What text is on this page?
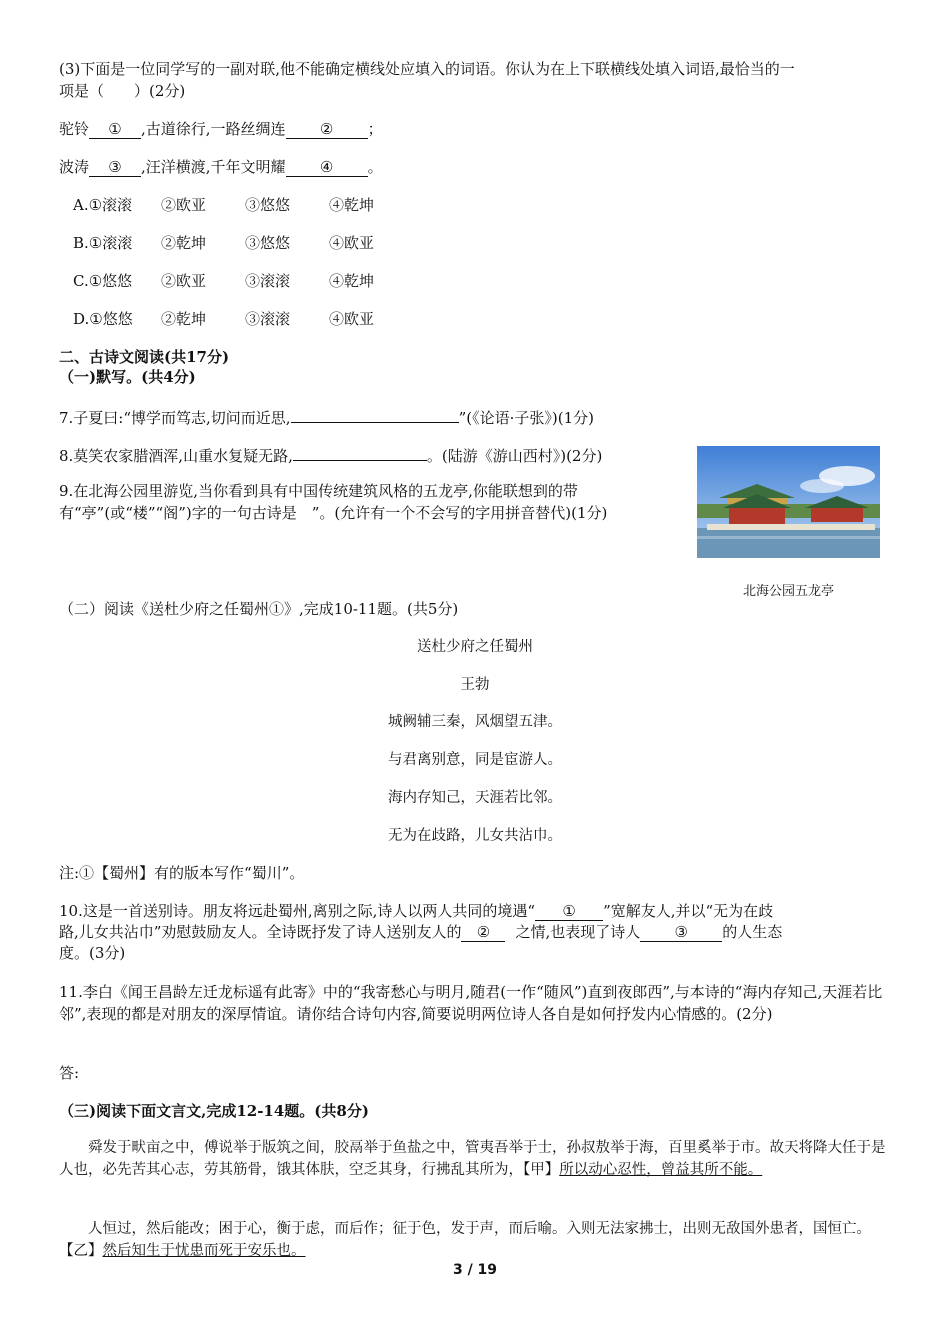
(3)下面是一位同学写的一副对联,他不能确定横线处应填入的词语。你认为在上下联横线处填入词语,最恰当的一
项是（　　）(2分)
驼铃 ① ,古道徐行,一路丝绸连 ② ；
波涛 ③ ,汪洋横渡,千年文明耀 ④ 。
A.①滚滚 ②欧亚	③悠悠	④乾坤
B.①滚滚 ②乾坤	③悠悠	④欧亚
C.①悠悠 ②欧亚	③滚滚	④乾坤
D.①悠悠 ②乾坤	③滚滚	④欧亚
二、古诗文阅读(共17分)
（一)默写。(共4分)
7.子夏曰:“博学而笃志,切问而近思,	”(《论语·子张》)(1分)
8.莫笑农家腊酒浑,山重水复疑无路,	。(陆游《游山西村》)(2分)
9.在北海公园里游览,当你看到具有中国传统建筑风格的五龙亭,你能联想到的带有“亭”(或“楼”“阁”)字的一句古诗是　”。(允许有一个不会写的字用拼音替代)(1分)
北海公园五龙亭
（二）阅读《送杜少府之任蜀州①》,完成10-11题。(共5分)
送杜少府之任蜀州
王勃
城阙辅三秦，风烟望五津。
与君离别意，同是宦游人。
海内存知己，天涯若比邻。
无为在歧路，儿女共沾巾。
注:①【蜀州】有的版本写作“蜀川”。
10.这是一首送别诗。朋友将远赴蜀州,离别之际,诗人以两人共同的境遇“ ① ”宽解友人,并以“无为在歧
路,儿女共沾巾”劝慰鼓励友人。全诗既抒发了诗人送别友人的 ② 之情,也表现了诗人 ③ 的人生态
度。(3分)
11.李白《闻王昌龄左迁龙标遥有此寄》中的“我寄愁心与明月,随君(一作“随风”)直到夜郎西”,与本诗的“海内存知己,天涯若比邻”,表现的都是对朋友的深厚情谊。请你结合诗句内容,简要说明两位诗人各自是如何抒发内心情感的。(2分)
答:
（三)阅读下面文言文,完成12-14题。(共8分)
舜发于畎亩之中，傅说举于版筑之间，胶鬲举于鱼盐之中，管夷吾举于士，孙叔敖举于海，百里奚举于市。故天将降大任于是人也，必先苦其心志，劳其筋骨，饿其体肤，空乏其身，行拂乱其所为，【甲】所以动心忍性，曾益其所不能。
人恒过，然后能改；困于心，衡于虑，而后作；征于色，发于声，而后喻。入则无法家拂士，出则无敌国外患者，国恒亡。【乙】然后知生于忧患而死于安乐也。
3 / 19
